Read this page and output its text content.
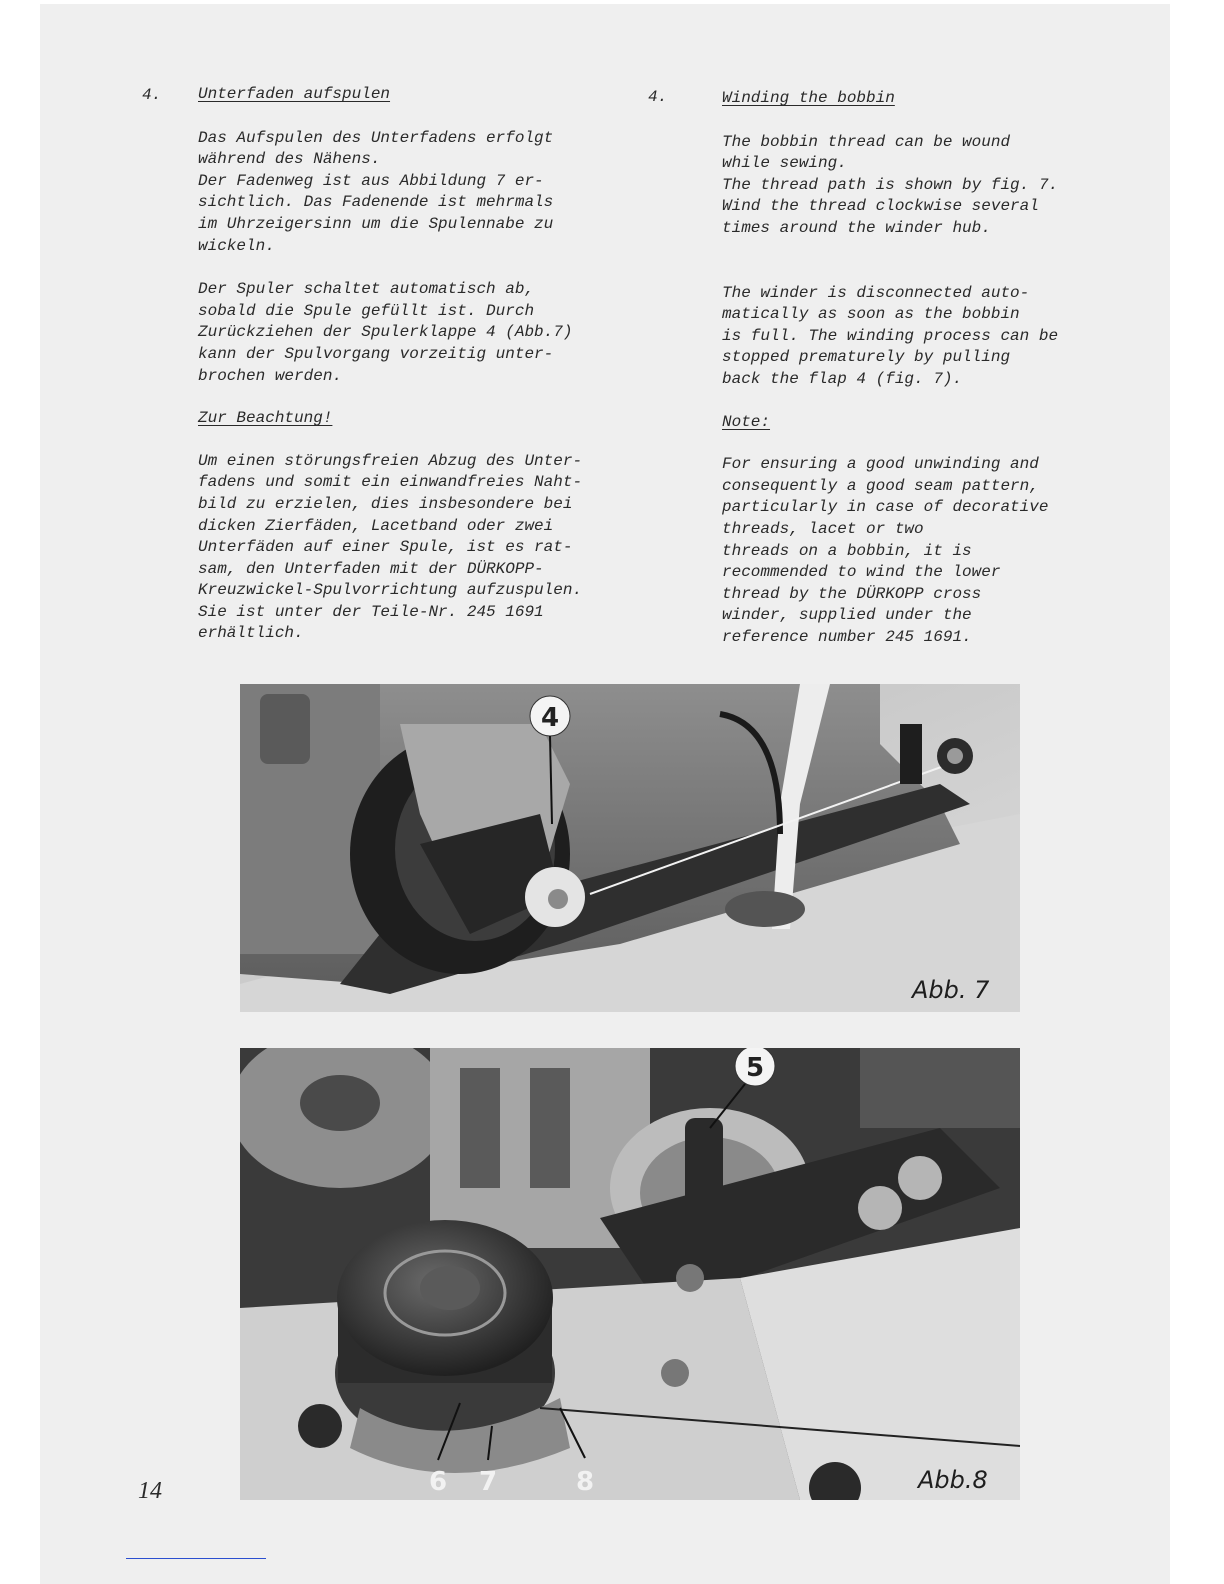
4. Unterfaden aufspulen

Das Aufspulen des Unterfadens erfolgt

während des Nähens.

Der Fadenweg ist aus Abbildung 7 er-

sichtlich. Das Fadenende ist mehrmals

im Uhrzeigersinn um die Spulennabe zu

wickeln.

Der Spuler schaltet automatisch ab,

sobald die Spule gefüllt ist. Durch

Zurückziehen der Spulerklappe 4 (Abb.7)

kann der Spulvorgang vorzeitig unter-

brochen werden.

Zur Beachtung!

Um einen störungsfreien Abzug des Unter-

fadens und somit ein einwandfreies Naht-

bild zu erzielen, dies insbesondere bei

dicken Zierfäden, Lacetband oder zwei

Unterfäden auf einer Spule, ist es rat-

sam, den Unterfaden mit der DÜRKOPP-

Kreuzwickel-Spulvorrichtung aufzuspulen.

Sie ist unter der Teile-Nr. 245 1691

erhältlich.

4.	Winding the bobbin

The bobbin thread can be wound

while sewing.

The thread path is shown by fig. 7.

Wind the thread clockwise several

times around the winder hub.

The winder is disconnected auto-

matically as soon as the bobbin

is full. The winding process can be

stopped prematurely by pulling

back the flap 4 (fig. 7).

Note:

For ensuring a good unwinding and

consequently a good seam pattern,

particularly in case of decorative

threads, lacet or two

threads on a bobbin, it is

recommended to wind the lower

thread by the DÜRKOPP cross

winder, supplied under the

reference number 245 1691.

4
Abb. 7
5
6 7	8	Abb.8
14
